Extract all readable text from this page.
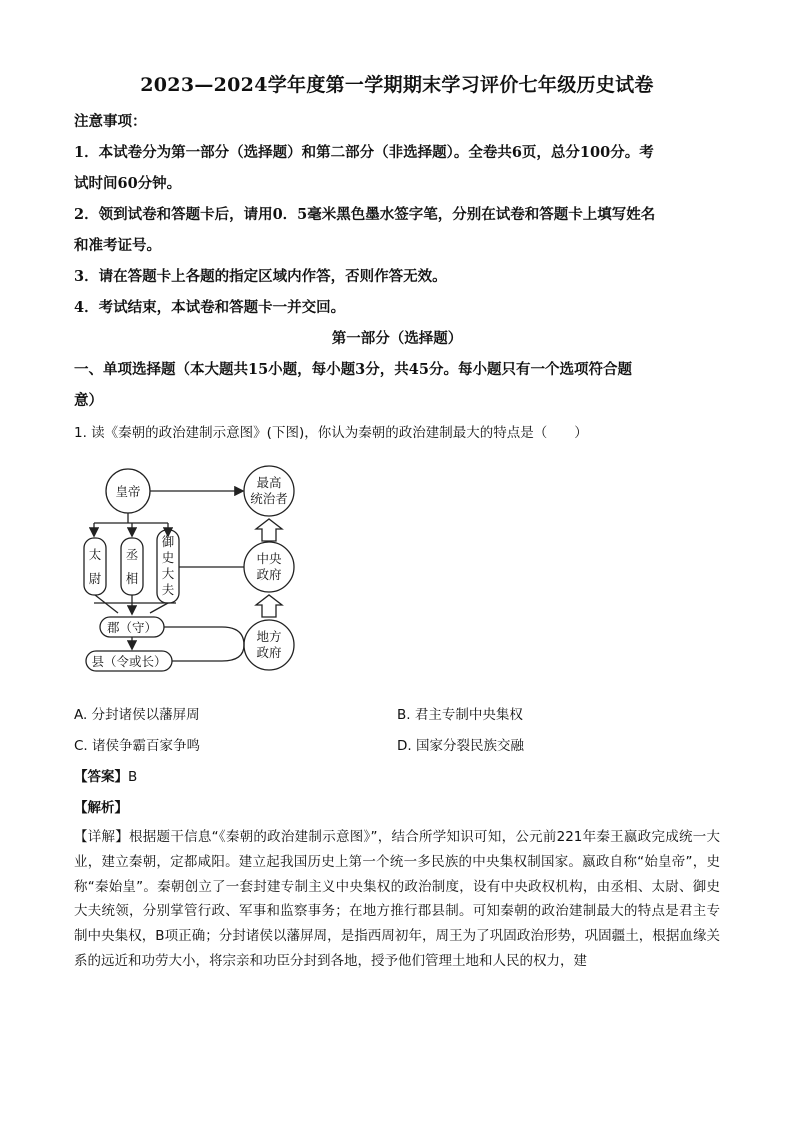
2023—2024学年度第一学期期末学习评价七年级历史试卷
注意事项：
1．本试卷分为第一部分（选择题）和第二部分（非选择题）。全卷共6页，总分100分。考
试时间60分钟。
2．领到试卷和答题卡后，请用0．5毫米黑色墨水签字笔，分别在试卷和答题卡上填写姓名
和准考证号。
3．请在答题卡上各题的指定区域内作答，否则作答无效。
4．考试结束，本试卷和答题卡一并交回。
第一部分（选择题）
一、单项选择题（本大题共15小题，每小题3分，共45分。每小题只有一个选项符合题
意）
1. 读《秦朝的政治建制示意图》(下图)，你认为秦朝的政治建制最大的特点是（　　）
皇帝
最高
统治者
太
尉
丞
相
御
史
大
夫
中央
政府
地方
政府
郡（守）
县（令或长）
A. 分封诸侯以藩屏周	B. 君主专制中央集权
C. 诸侯争霸百家争鸣	D. 国家分裂民族交融
【答案】B
【解析】
【详解】根据题干信息“《秦朝的政治建制示意图》”，结合所学知识可知，公元前221年秦王嬴政完成统一大业，建立秦朝，定都咸阳。建立起我国历史上第一个统一多民族的中央集权制国家。嬴政自称“始皇帝”，史称“秦始皇”。秦朝创立了一套封建专制主义中央集权的政治制度，设有中央政权机构，由丞相、太尉、御史大夫统领，分别掌管行政、军事和监察事务；在地方推行郡县制。可知秦朝的政治建制最大的特点是君主专制中央集权，B项正确；分封诸侯以藩屏周，是指西周初年，周王为了巩固政治形势，巩固疆土，根据血缘关系的远近和功劳大小，将宗亲和功臣分封到各地，授予他们管理土地和人民的权力，建
